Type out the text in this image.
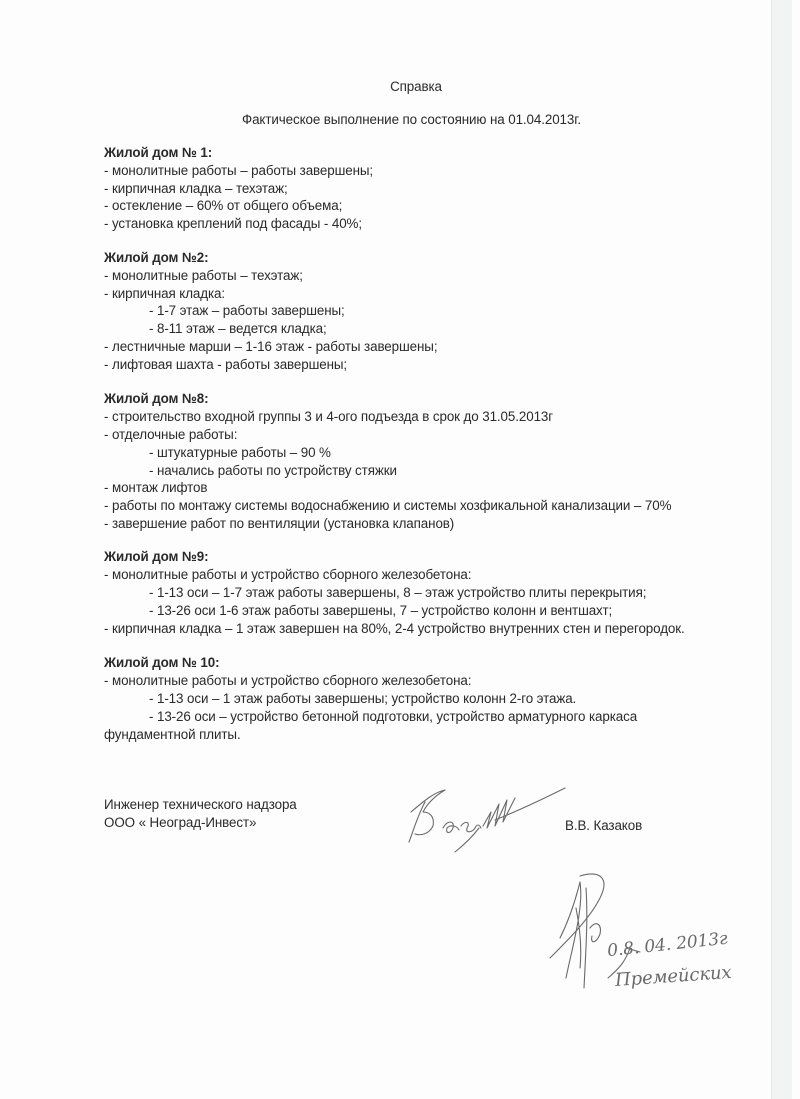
Справка
Фактическое выполнение по состоянию на 01.04.2013г.
Жилой дом № 1:
- монолитные работы – работы завершены;
- кирпичная кладка – техэтаж;
- остекление – 60% от общего объема;
- установка креплений под фасады - 40%;
Жилой дом №2:
- монолитные работы – техэтаж;
- кирпичная кладка:
- 1-7 этаж – работы завершены;
- 8-11 этаж – ведется кладка;
- лестничные марши – 1-16 этаж - работы завершены;
- лифтовая шахта - работы завершены;
Жилой дом №8:
- строительство входной группы 3 и 4-ого подъезда в срок до 31.05.2013г
- отделочные работы:
- штукатурные работы – 90 %
- начались работы по устройству стяжки
- монтаж лифтов
- работы по монтажу системы водоснабжению и системы хозфикальной канализации – 70%
- завершение работ по вентиляции (установка клапанов)
Жилой дом №9:
- монолитные работы и устройство сборного железобетона:
- 1-13 оси – 1-7 этаж работы завершены, 8 – этаж устройство плиты перекрытия;
- 13-26 оси 1-6 этаж работы завершены, 7 – устройство колонн и вентшахт;
- кирпичная кладка – 1 этаж завершен на 80%, 2-4 устройство внутренних стен и перегородок.
Жилой дом № 10:
- монолитные работы и устройство сборного железобетона:
- 1-13 оси – 1 этаж работы завершены; устройство колонн 2-го этажа.
- 13-26 оси – устройство бетонной подготовки, устройство арматурного каркаса
фундаментной плиты.
Инженер технического надзора
ООО « Неоград-Инвест»	В.В. Казаков
0.8. 04. 2013г
Премейских
